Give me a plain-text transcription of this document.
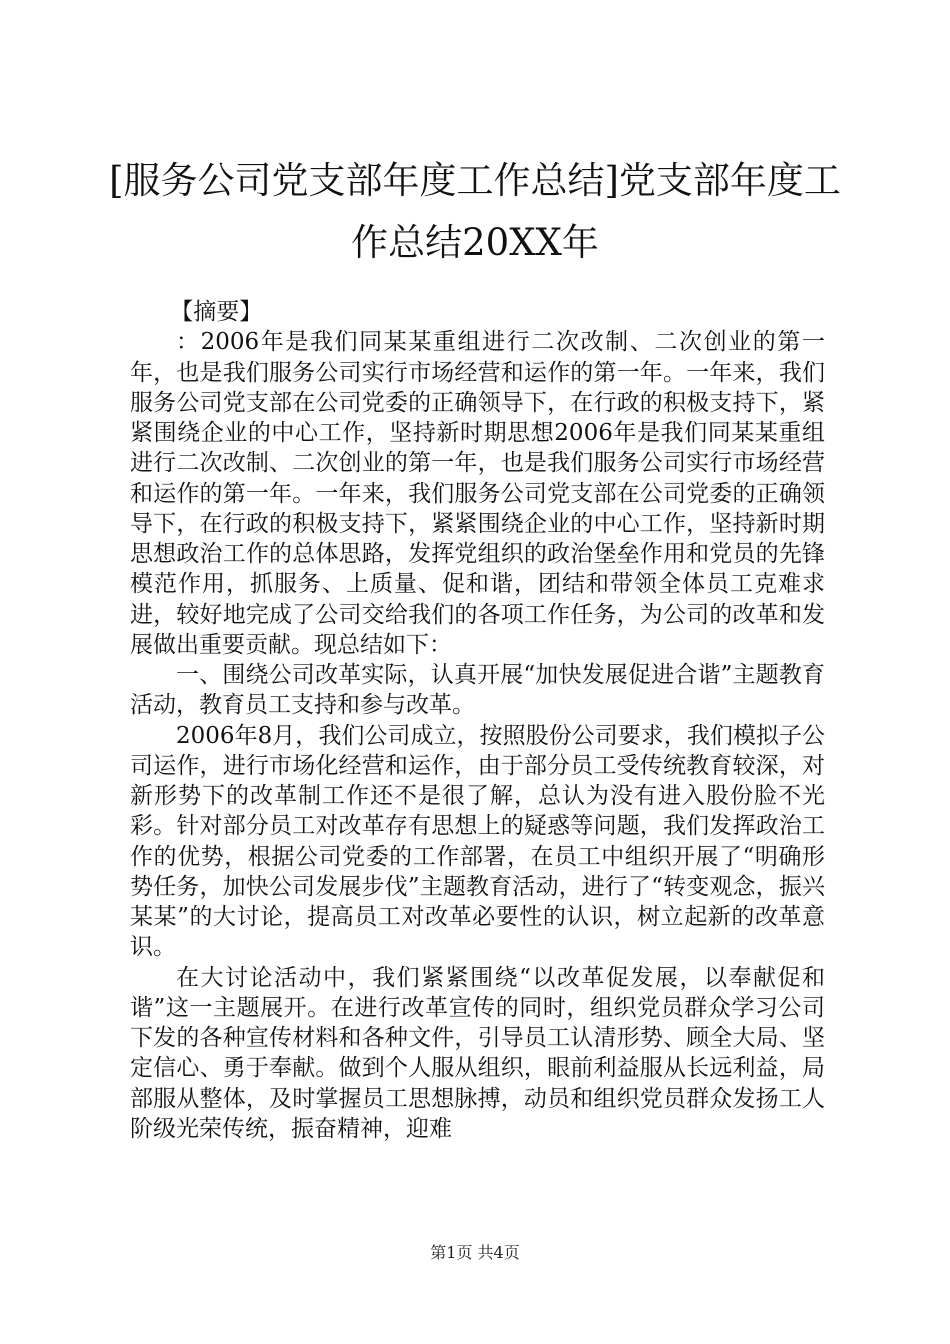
[服务公司党支部年度工作总结]党支部年度工
作总结20XX年

【摘要】

：2006年是我们同某某重组进行二次改制、二次创业的第一年，也是我们服务公司实行市场经营和运作的第一年。一年来，我们服务公司党支部在公司党委的正确领导下，在行政的积极支持下，紧紧围绕企业的中心工作，坚持新时期思想2006年是我们同某某重组进行二次改制、二次创业的第一年，也是我们服务公司实行市场经营和运作的第一年。一年来，我们服务公司党支部在公司党委的正确领导下，在行政的积极支持下，紧紧围绕企业的中心工作，坚持新时期思想政治工作的总体思路，发挥党组织的政治堡垒作用和党员的先锋模范作用，抓服务、上质量、促和谐，团结和带领全体员工克难求进，较好地完成了公司交给我们的各项工作任务，为公司的改革和发展做出重要贡献。现总结如下：

一、围绕公司改革实际，认真开展“加快发展促进合谐”主题教育活动，教育员工支持和参与改革。

2006年8月，我们公司成立，按照股份公司要求，我们模拟子公司运作，进行市场化经营和运作，由于部分员工受传统教育较深，对新形势下的改革制工作还不是很了解，总认为没有进入股份脸不光彩。针对部分员工对改革存有思想上的疑惑等问题，我们发挥政治工作的优势，根据公司党委的工作部署，在员工中组织开展了“明确形势任务，加快公司发展步伐”主题教育活动，进行了“转变观念，振兴某某”的大讨论，提高员工对改革必要性的认识，树立起新的改革意识。

在大讨论活动中，我们紧紧围绕“以改革促发展，以奉献促和谐”这一主题展开。在进行改革宣传的同时，组织党员群众学习公司下发的各种宣传材料和各种文件，引导员工认清形势、顾全大局、坚定信心、勇于奉献。做到个人服从组织，眼前利益服从长远利益，局部服从整体，及时掌握员工思想脉搏，动员和组织党员群众发扬工人阶级光荣传统，振奋精神，迎难

第1页 共4页
